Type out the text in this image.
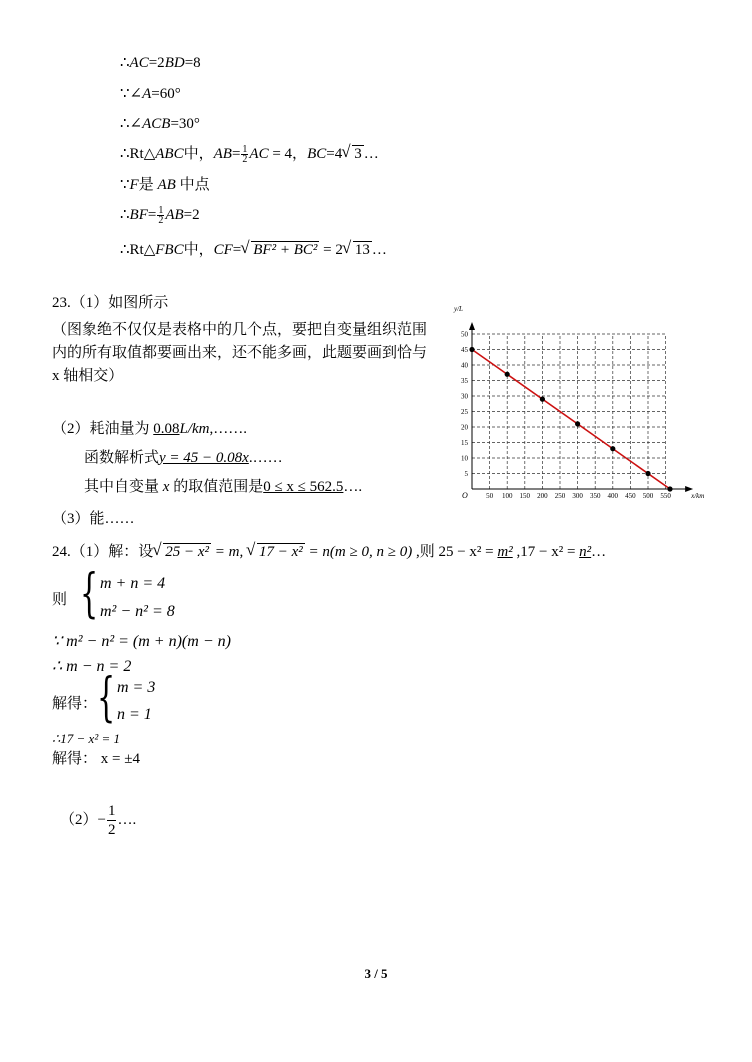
∴AC=2BD=8
∵∠A=60°
∴∠ACB=30°
∴Rt△ABC中，$AB= \frac{1}{2}$ AC = 4，BC=4 √ 3 …
∵F是 AB 中点
∴BF= $\frac{1}{2} AB=2$
∴Rt△FBC中，CF= √ BF² + BC² = 2 √ 13 …
23.（1）如图所示
（图象绝不仅仅是表格中的几个点，要把自变量组织范围
内的所有取值都要画出来，还不能多画，此题要画到恰与
x 轴相交）
（2）耗油量为 0.08L/km,…….
函数解析式y = 45 − 0.08x.……
其中自变量 x 的取值范围是0 ≤ x ≤ 562.5….
（3）能……
50 100 150 200 250 300 350 400 450 500 550
5
10
15
20
25
30
35
40
45
50
O
y/L
x/km
24.（1）解：设 √ 25 − x² = m, √ 17 − x² = n(m ≥ 0, n ≥ 0) ,则 25 − x² = m² ,17 − x² = n²…
则 { m + n = 4
m² − n² = 8
∵ m² − n² = (m + n)(m − n)
∴ m − n = 2
解得： { m = 3
n = 1
∴17 − x² = 1
解得： x = ±4
$(2)- \frac{1}{2}$ ….
3 / 5
